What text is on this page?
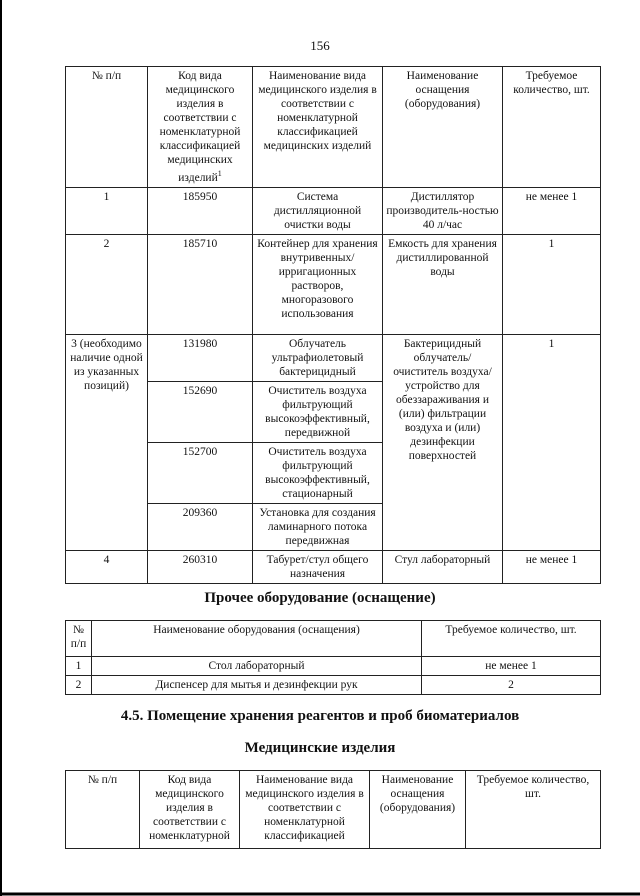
156
№ п/п	Код вида медицинского изделия в соответствии с номенклатурной классификацией медицинских изделий$^1$	Наименование вида медицинского изделия в соответствии с номенклатурной классификацией медицинских изделий	Наименование оснащения (оборудования)	Требуемое количество, шт.
1	185950	Система дистилляционной очистки воды	Дистиллятор производитель-ностью 40 л/час	не менее 1
2	185710	Контейнер для хранения внутривенных/ ирригационных растворов, многоразового использования	Емкость для хранения дистиллированной воды	1
3 (необходимо наличие одной из указанных позиций)	131980	Облучатель ультрафиолетовый бактерицидный	Бактерицидный облучатель/ очиститель воздуха/ устройство для обеззараживания и (или) фильтрации воздуха и (или) дезинфекции поверхностей	1
	152690	Очиститель воздуха фильтрующий высокоэффективный, передвижной		
	152700	Очиститель воздуха фильтрующий высокоэффективный, стационарный		
	209360	Установка для создания ламинарного потока передвижная		
4	260310	Табурет/стул общего назначения	Стул лабораторный	не менее 1
Прочее оборудование (оснащение)
№ п/п	Наименование оборудования (оснащения)	Требуемое количество, шт.
1	Стол лабораторный	не менее 1
2	Диспенсер для мытья и дезинфекции рук	2
4.5. Помещение хранения реагентов и проб биоматериалов
Медицинские изделия
№ п/п	Код вида медицинского изделия в соответствии с номенклатурной	Наименование вида медицинского изделия в соответствии с номенклатурной классификацией	Наименование оснащения (оборудования)	Требуемое количество, шт.
